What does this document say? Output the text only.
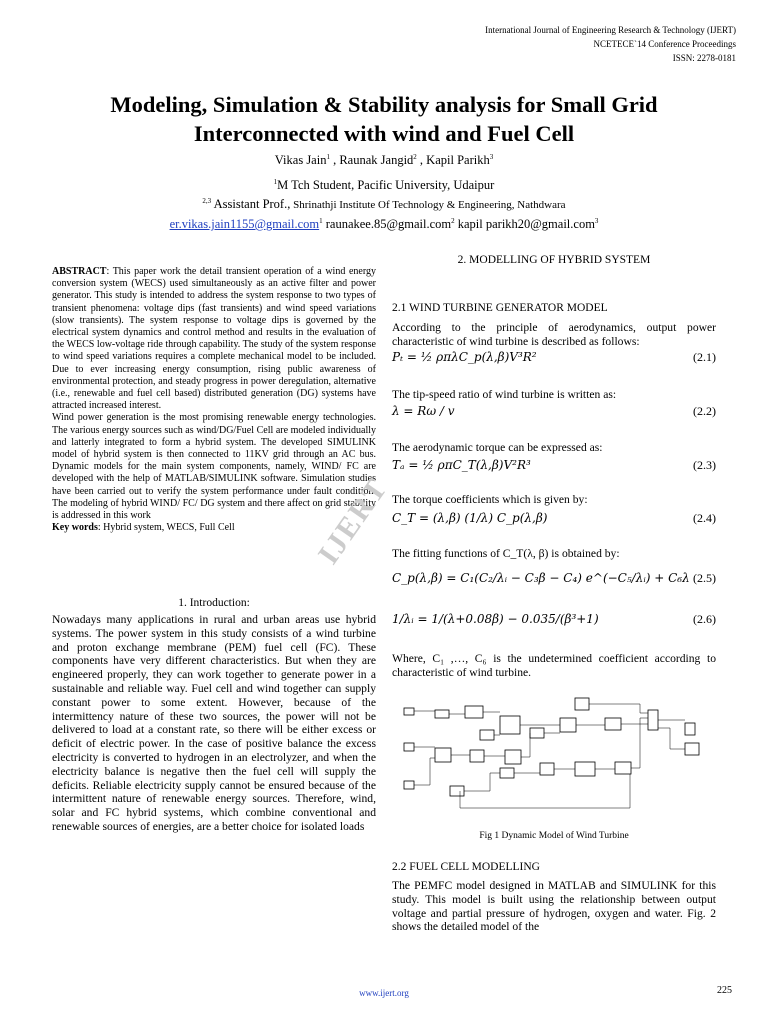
International Journal of Engineering Research & Technology (IJERT)
NCETECE`14 Conference Proceedings
ISSN: 2278-0181
Modeling, Simulation & Stability analysis for Small Grid
Interconnected with wind and Fuel Cell
Vikas Jain$^1$ , Raunak Jangid$^2$ , Kapil Parikh$^3$
$^1$M Tch Student, Pacific University, Udaipur
$^{2,3}$ Assistant Prof., Shrinathji Institute Of Technology & Engineering, Nathdwara
er.vikas.jain1155@gmail.com$^1$ raunakee.85@gmail.com$^2$ kapil parikh20@gmail.com$^3$
ABSTRACT: This paper work the detail transient operation of a wind energy conversion system (WECS) used simultaneously as an active filter and power generator. This study is intended to address the system response to two types of transient phenomena: voltage dips (fast transients) and wind speed variations (slow transients). The system response to voltage dips is governed by the electrical system dynamics and control method and results in the evaluation of the WECS low-voltage ride through capability. The study of the system response to wind speed variations requires a complete mechanical model to be included. Due to ever increasing energy consumption, rising public awareness of environmental protection, and steady progress in power deregulation, alternative (i.e., renewable and fuel cell based) distributed generation (DG) systems have attracted increased interest.
Wind power generation is the most promising renewable energy technologies. The various energy sources such as wind/DG/Fuel Cell are modeled individually and latterly integrated to form a hybrid system. The developed SIMULINK model of hybrid system is then connected to 11KV grid through an AC bus. Dynamic models for the main system components, namely, WIND/ FC are developed with the help of MATLAB/SIMULINK software. Simulation studies have been carried out to verify the system performance under fault condition. The modeling of hybrid WIND/ FC/ DG system and there affect on grid stability is addressed in this work
Key words: Hybrid system, WECS, Full Cell
1. Introduction:
Nowadays many applications in rural and urban areas use hybrid systems. The power system in this study consists of a wind turbine and proton exchange membrane (PEM) fuel cell (FC). These components have very different characteristics. But when they are engineered properly, they can work together to generate power in a sustainable and reliable way. Fuel cell and wind together can supply constant power to some extent. However, because of the intermittency nature of these two sources, the power will not be delivered to load at a constant rate, so there will be either excess or deficit of electric power. In the case of positive balance the excess electricity is converted to hydrogen in an electrolyzer, and when the electricity balance is negative then the fuel cell will supply the deficits. Reliable electricity supply cannot be ensured because of the intermittent nature of renewable energy sources. Therefore, wind, solar and FC hybrid systems, which combine conventional and renewable sources of energies, are a better choice for isolated loads
IJERT
2. MODELLING OF HYBRID SYSTEM
2.1 WIND TURBINE GENERATOR MODEL
According to the principle of aerodynamics, output power characteristic of wind turbine is described as follows:
Pₜ = ½ ρπλC_p(λ,β)V³R²	(2.1)
The tip-speed ratio of wind turbine is written as:
λ = Rω / v	(2.2)
The aerodynamic torque can be expressed as:
Tₐ = ½ ρπC_T(λ,β)V²R³	(2.3)
The torque coefficients which is given by:
C_T = (λ,β) (1/λ) C_p(λ,β)	(2.4)
The fitting functions of C_T(λ, β) is obtained by:
C_p(λ,β) = C₁(C₂/λᵢ − C₃β − C₄) e^(−C₅/λᵢ) + C₆λ (2.5)
1/λᵢ = 1/(λ+0.08β) − 0.035/(β³+1)	(2.6)
Where, C₁ ,…, C₆ is the undetermined coefficient according to characteristic of wind turbine.
Fig 1 Dynamic Model of Wind Turbine
2.2 FUEL CELL MODELLING
The PEMFC model designed in MATLAB and SIMULINK for this study. This model is built using the relationship between output voltage and partial pressure of hydrogen, oxygen and water. Fig. 2 shows the detailed model of the
www.ijert.org	225
